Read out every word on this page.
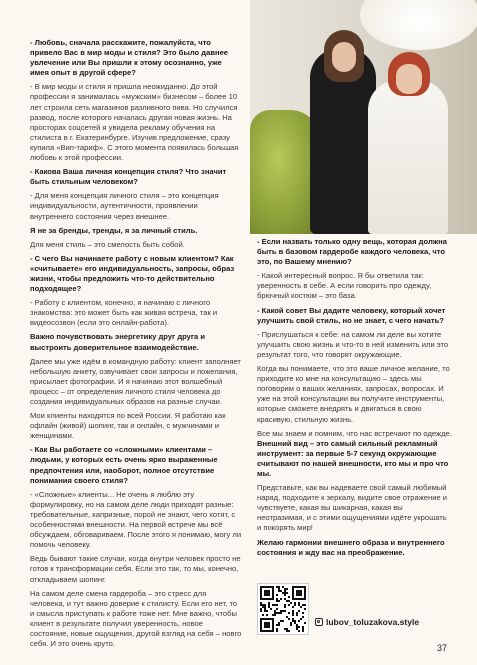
- Любовь, сначала расскажите, пожалуйста, что привело Вас в мир моды и стиля? Это было давнее увлечение или Вы пришли к этому осознанно, уже имея опыт в другой сфере?

- В мир моды и стиля я пришла неожиданно. До этой профессии я занималась «мужским» бизнесом – более 10 лет строила сеть магазинов разливного пива. Но случился развод, после которого началась другая новая жизнь. На просторах соцсетей я увидела рекламу обучения на стилиста в г. Екатеринбурге. Изучив предложение, сразу купила «Вип-тариф». С этого момента появилась большая любовь к этой профессии.

- Какова Ваша личная концепция стиля? Что значит быть стильным человеком?

- Для меня концепция личного стиля – это концепция индивидуальности, аутентичности, проявлении внутреннего состояния через внешнее.

Я не за бренды, тренды, я за личный стиль.

Для меня стиль – это смелость быть собой.

- С чего Вы начинаете работу с новым клиентом? Как «считываете» его индивидуальность, запросы, образ жизни, чтобы предложить что-то действительно подходящее?

- Работу с клиентом, конечно, я начинаю с личного знакомства: это может быть как живая встреча, так и видеосозвон (если это онлайн-работа).

Важно почувствовать энергетику друг друга и выстроить доверительное взаимодействие.

Далее мы уже идём в командную работу: клиент заполняет небольшую анкету, озвучивает свои запросы и пожелания, присылает фотографии. И я начинаю этот волшебный процесс – от определения личного стиля человека до создания индивидуальных образов на разные случаи.

Мои клиенты находятся по всей России. Я работаю как офлайн (живой) шопинг, так и онлайн, с мужчинами и женщинами.

- Как Вы работаете со «сложными» клиентами – людьми, у которых есть очень ярко выраженные предпочтения или, наоборот, полное отсутствие понимания своего стиля?

- «Сложные» клиенты... Не очень я люблю эту формулировку, но на самом деле люди приходят разные: требовательные, капризные, порой не знают, чего хотят, с особенностями внешности. На первой встрече мы всё обсуждаем, обговариваем. После этого я понимаю, могу ли помочь человеку.

Ведь бывают такие случаи, когда внутри человек просто не готов к трансформации себя. Если это так, то мы, конечно, откладываем шопинг.

На самом деле смена гардероба – это стресс для человека, и тут важно доверие к стилисту. Если его нет, то и смысла приступать к работе тоже нет. Мне важно, чтобы клиент в результате получил уверенность, новое состояние, новые ощущения, другой взгляд на себя – новго себя. И это очень круто.

- Если назвать только одну вещь, которая должна быть в базовом гардеробе каждого человека, что это, по Вашему мнению?

- Какой интересный вопрос. Я бы ответила так: уверенность в себе. А если говорить про одежду, брючный костюм – это база.

- Какой совет Вы дадите человеку, который хочет улучшить свой стиль, но не знает, с чего начать?

- Прислушаться к себе: на самом ли деле вы хотите улучшить свою жизнь и что-то в ней изменить или это результат того, что говорят окружающие.

Когда вы понимаете, что это ваше личное желание, то приходите ко мне на консультацию – здесь мы поговорим о ваших желаниях, запросах, вопросах. И уже на этой консультации вы получите инструменты, которые сможете внедрять и двигаться в свою красивую, стильную жизнь.

Все мы знаем и помним, что нас встречают по одежде. Внешний вид – это самый сильный рекламный инструмент: за первые 5-7 секунд окружающие считывают по нашей внешности, кто мы и про что мы.

Представьте, как вы надеваете свой самый любимый наряд, подходите к зеркалу, видите свое отражение и чувствуете, какая вы шикарная, какая вы неотразимая, и с этими ощущениями идёте укрошать и покорять мир!

Желаю гармонии внешнего образа и внутреннего состояния и жду вас на преображение.

lubov_toluzakova.style
37
